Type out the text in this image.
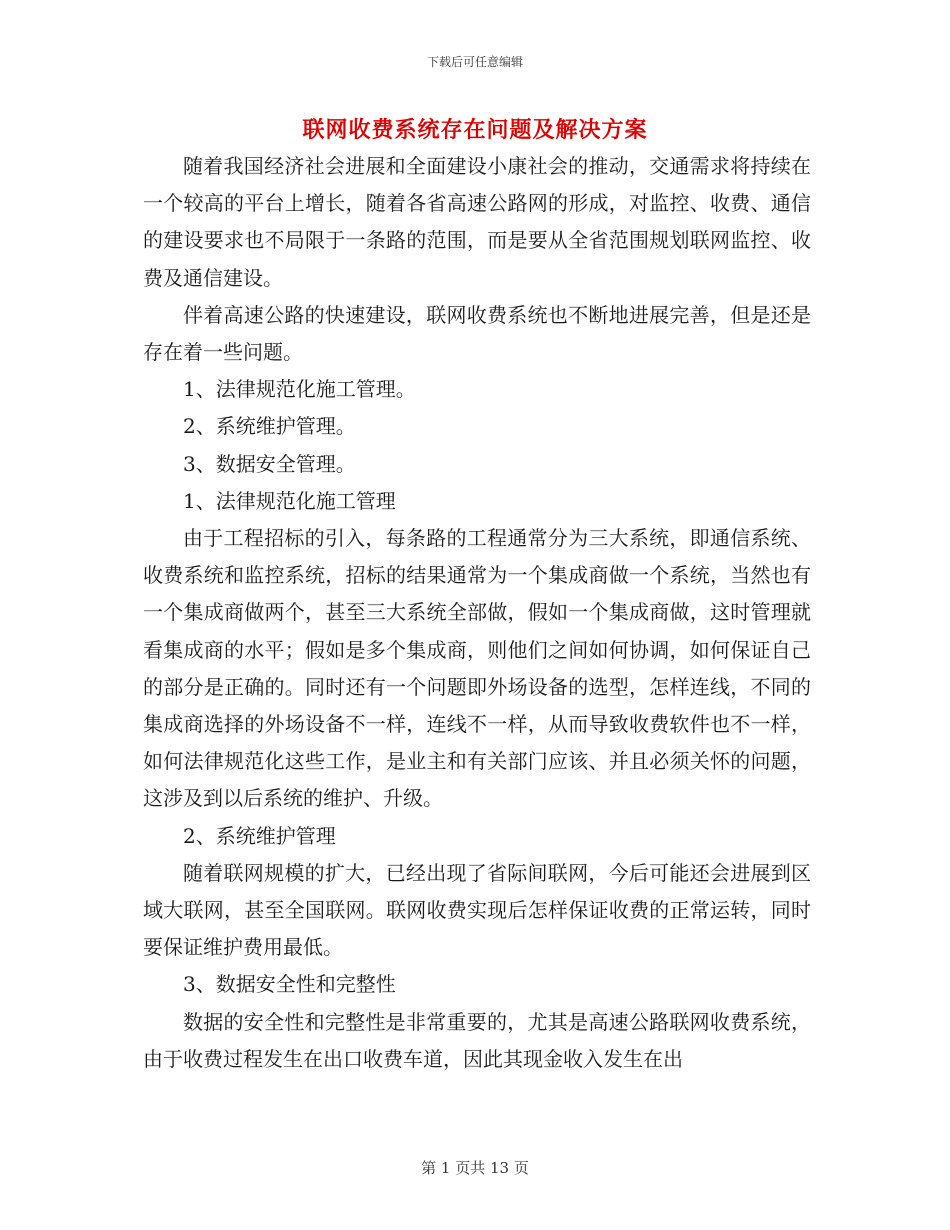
下载后可任意编辑
联网收费系统存在问题及解决方案

随着我国经济社会进展和全面建设小康社会的推动，交通需求将持续在一个较高的平台上增长，随着各省高速公路网的形成，对监控、收费、通信的建设要求也不局限于一条路的范围，而是要从全省范围规划联网监控、收费及通信建设。

伴着高速公路的快速建设，联网收费系统也不断地进展完善，但是还是存在着一些问题。

1、法律规范化施工管理。

2、系统维护管理。

3、数据安全管理。

1、法律规范化施工管理

由于工程招标的引入，每条路的工程通常分为三大系统，即通信系统、收费系统和监控系统，招标的结果通常为一个集成商做一个系统，当然也有一个集成商做两个，甚至三大系统全部做，假如一个集成商做，这时管理就看集成商的水平；假如是多个集成商，则他们之间如何协调，如何保证自己的部分是正确的。同时还有一个问题即外场设备的选型，怎样连线，不同的集成商选择的外场设备不一样，连线不一样，从而导致收费软件也不一样，如何法律规范化这些工作，是业主和有关部门应该、并且必须关怀的问题，这涉及到以后系统的维护、升级。

2、系统维护管理

随着联网规模的扩大，已经出现了省际间联网，今后可能还会进展到区域大联网，甚至全国联网。联网收费实现后怎样保证收费的正常运转，同时要保证维护费用最低。

3、数据安全性和完整性

数据的安全性和完整性是非常重要的，尤其是高速公路联网收费系统，由于收费过程发生在出口收费车道，因此其现金收入发生在出

第 1 页共 13 页
